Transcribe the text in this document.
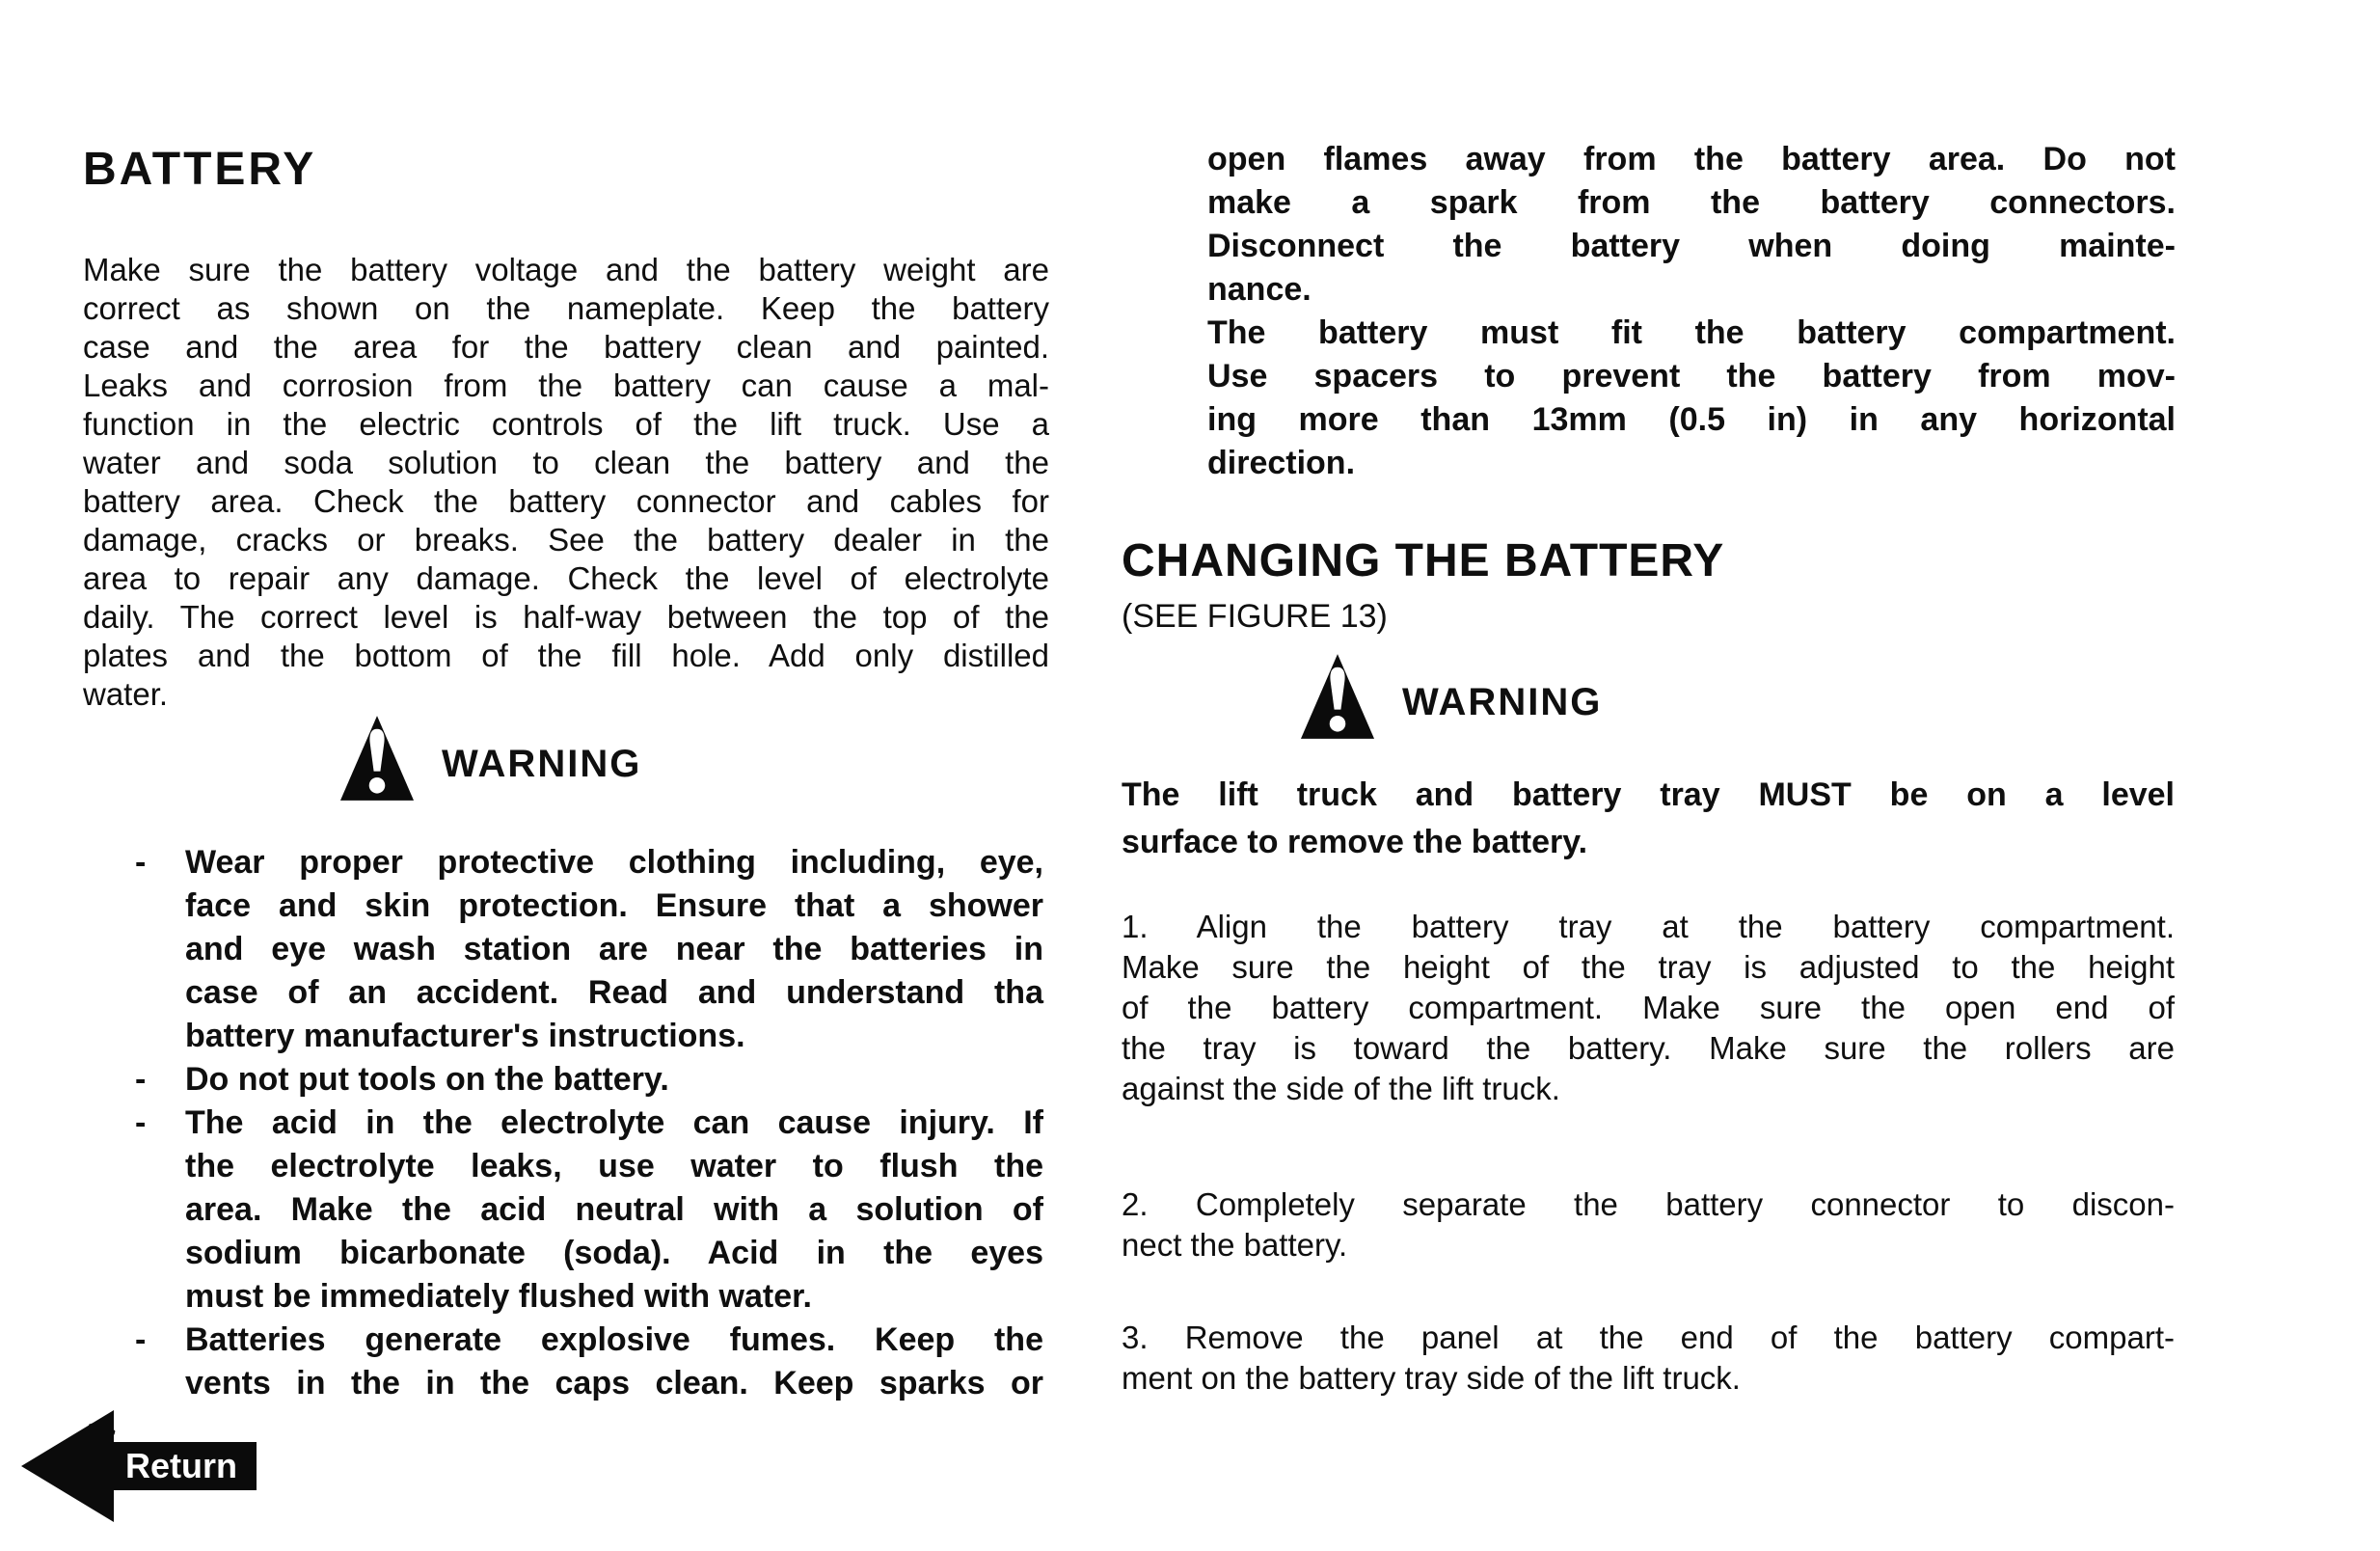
BATTERY
Make sure the battery voltage and the battery weight are
correct as shown on the nameplate. Keep the battery
case and the area for the battery clean and painted.
Leaks and corrosion from the battery can cause a mal-
function in the electric controls of the lift truck. Use a
water and soda solution to clean the battery and the
battery area. Check the battery connector and cables for
damage, cracks or breaks. See the battery dealer in the
area to repair any damage. Check the level of electrolyte
daily. The correct level is half-way between the top of the
plates and the bottom of the fill hole. Add only distilled
water.
WARNING
-	Wear proper protective clothing including, eye,
face and skin protection. Ensure that a shower
and eye wash station are near the batteries in
case of an accident. Read and understand tha
battery manufacturer's instructions.
-	Do not put tools on the battery.
-	The acid in the electrolyte can cause injury. If
the electrolyte leaks, use water to flush the
area. Make the acid neutral with a solution of
sodium bicarbonate (soda). Acid in the eyes
must be immediately flushed with water.
-	Batteries generate explosive fumes. Keep the
vents in the in the caps clean. Keep sparks or
open flames away from the battery area. Do not
make a spark from the battery connectors.
Disconnect the battery when doing mainte-
nance.
The battery must fit the battery compartment.
Use spacers to prevent the battery from mov-
ing more than 13mm (0.5 in) in any horizontal
direction.
CHANGING THE BATTERY
(SEE FIGURE 13)
WARNING
The lift truck and battery tray MUST be on a level
surface to remove the battery.
1. Align the battery tray at the battery compartment.
Make sure the height of the tray is adjusted to the height
of the battery compartment. Make sure the open end of
the tray is toward the battery. Make sure the rollers are
against the side of the lift truck.
2. Completely separate the battery connector to discon-
nect the battery.
3. Remove the panel at the end of the battery compart-
ment on the battery tray side of the lift truck.
)
Return
